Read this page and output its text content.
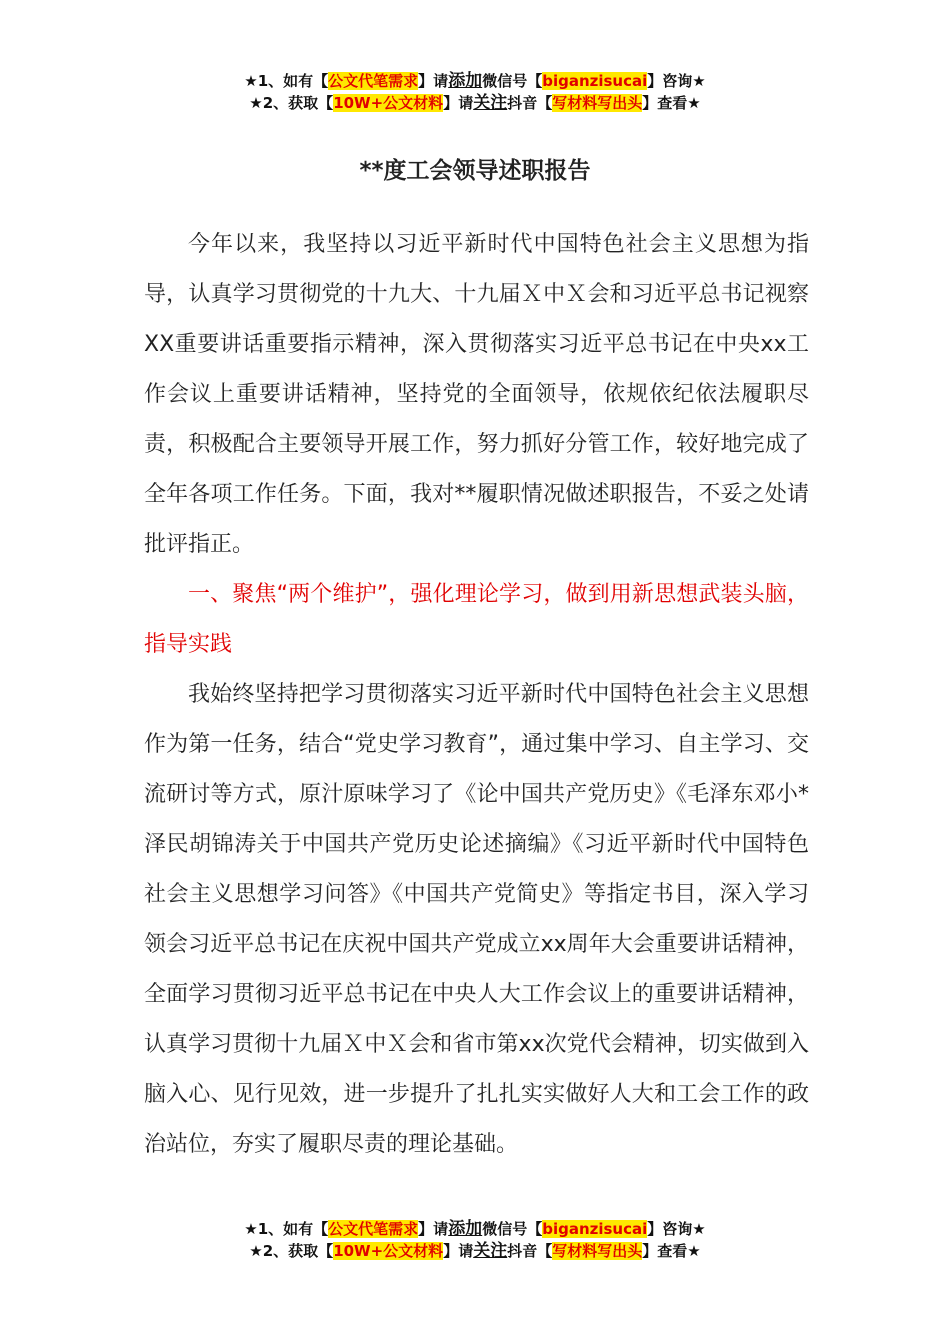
★1、如有【公文代笔需求】请添加微信号【biganzisucai】咨询★
★2、获取【10W+公文材料】请关注抖音【写材料写出头】查看★
**度工会领导述职报告

今年以来，我坚持以习近平新时代中国特色社会主义思想为指导，认真学习贯彻党的十九大、十九届Ｘ中Ｘ会和习近平总书记视察XX重要讲话重要指示精神，深入贯彻落实习近平总书记在中央xx工作会议上重要讲话精神，坚持党的全面领导，依规依纪依法履职尽责，积极配合主要领导开展工作，努力抓好分管工作，较好地完成了全年各项工作任务。下面，我对**履职情况做述职报告，不妥之处请批评指正。

一、聚焦“两个维护”，强化理论学习，做到用新思想武装头脑，指导实践

我始终坚持把学习贯彻落实习近平新时代中国特色社会主义思想作为第一任务，结合“党史学习教育”，通过集中学习、自主学习、交流研讨等方式，原汁原味学习了《论中国共产党历史》《毛泽东邓小*泽民胡锦涛关于中国共产党历史论述摘编》《习近平新时代中国特色社会主义思想学习问答》《中国共产党简史》等指定书目，深入学习领会习近平总书记在庆祝中国共产党成立xx周年大会重要讲话精神，全面学习贯彻习近平总书记在中央人大工作会议上的重要讲话精神，认真学习贯彻十九届Ｘ中Ｘ会和省市第xx次党代会精神，切实做到入脑入心、见行见效，进一步提升了扎扎实实做好人大和工会工作的政治站位，夯实了履职尽责的理论基础。

★1、如有【公文代笔需求】请添加微信号【biganzisucai】咨询★
★2、获取【10W+公文材料】请关注抖音【写材料写出头】查看★
